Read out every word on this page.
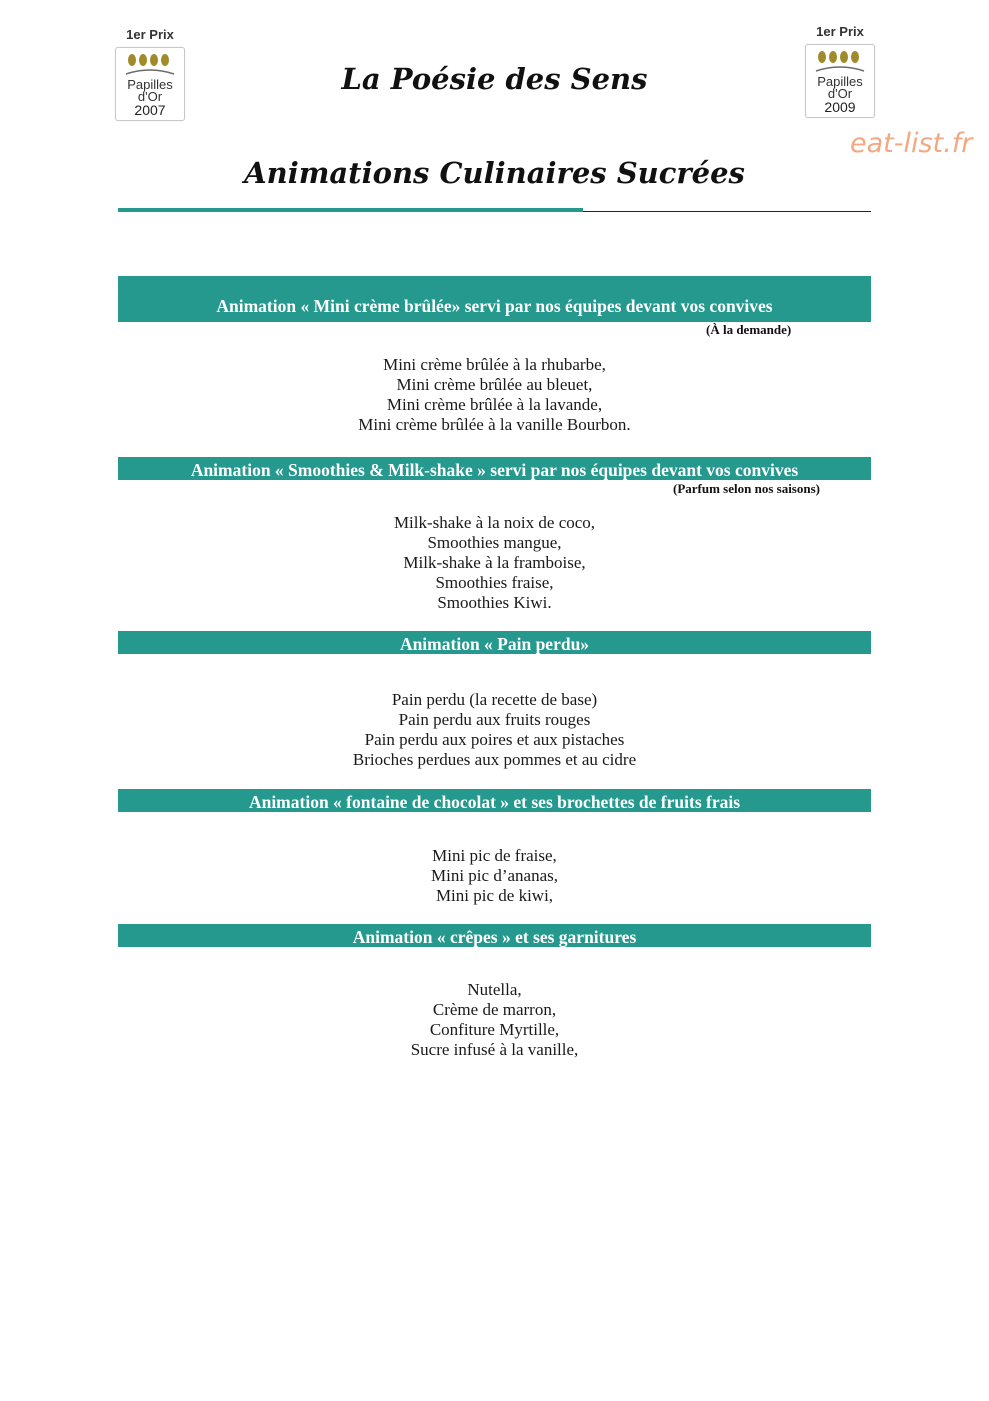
1er Prix
Papilles
d'Or
2007
1er Prix
Papilles
d'Or
2009
La Poésie des Sens
Animations Culinaires Sucrées
eat-list.fr
Animation « Mini crème brûlée» servi par nos équipes devant vos convives
(À la demande)
Mini crème brûlée à la rhubarbe,
Mini crème brûlée au bleuet,
Mini crème brûlée à la lavande,
Mini crème brûlée à la vanille Bourbon.
Animation « Smoothies & Milk-shake » servi par nos équipes devant vos convives
(Parfum selon nos saisons)
Milk-shake à la noix de coco,
Smoothies mangue,
Milk-shake à la framboise,
Smoothies fraise,
Smoothies Kiwi.
Animation « Pain perdu»
Pain perdu (la recette de base)
Pain perdu aux fruits rouges
Pain perdu aux poires et aux pistaches
Brioches perdues aux pommes et au cidre
Animation « fontaine de chocolat » et ses brochettes de fruits frais
Mini pic de fraise,
Mini pic d’ananas,
Mini pic de kiwi,
Animation « crêpes » et ses garnitures
Nutella,
Crème de marron,
Confiture Myrtille,
Sucre infusé à la vanille,
